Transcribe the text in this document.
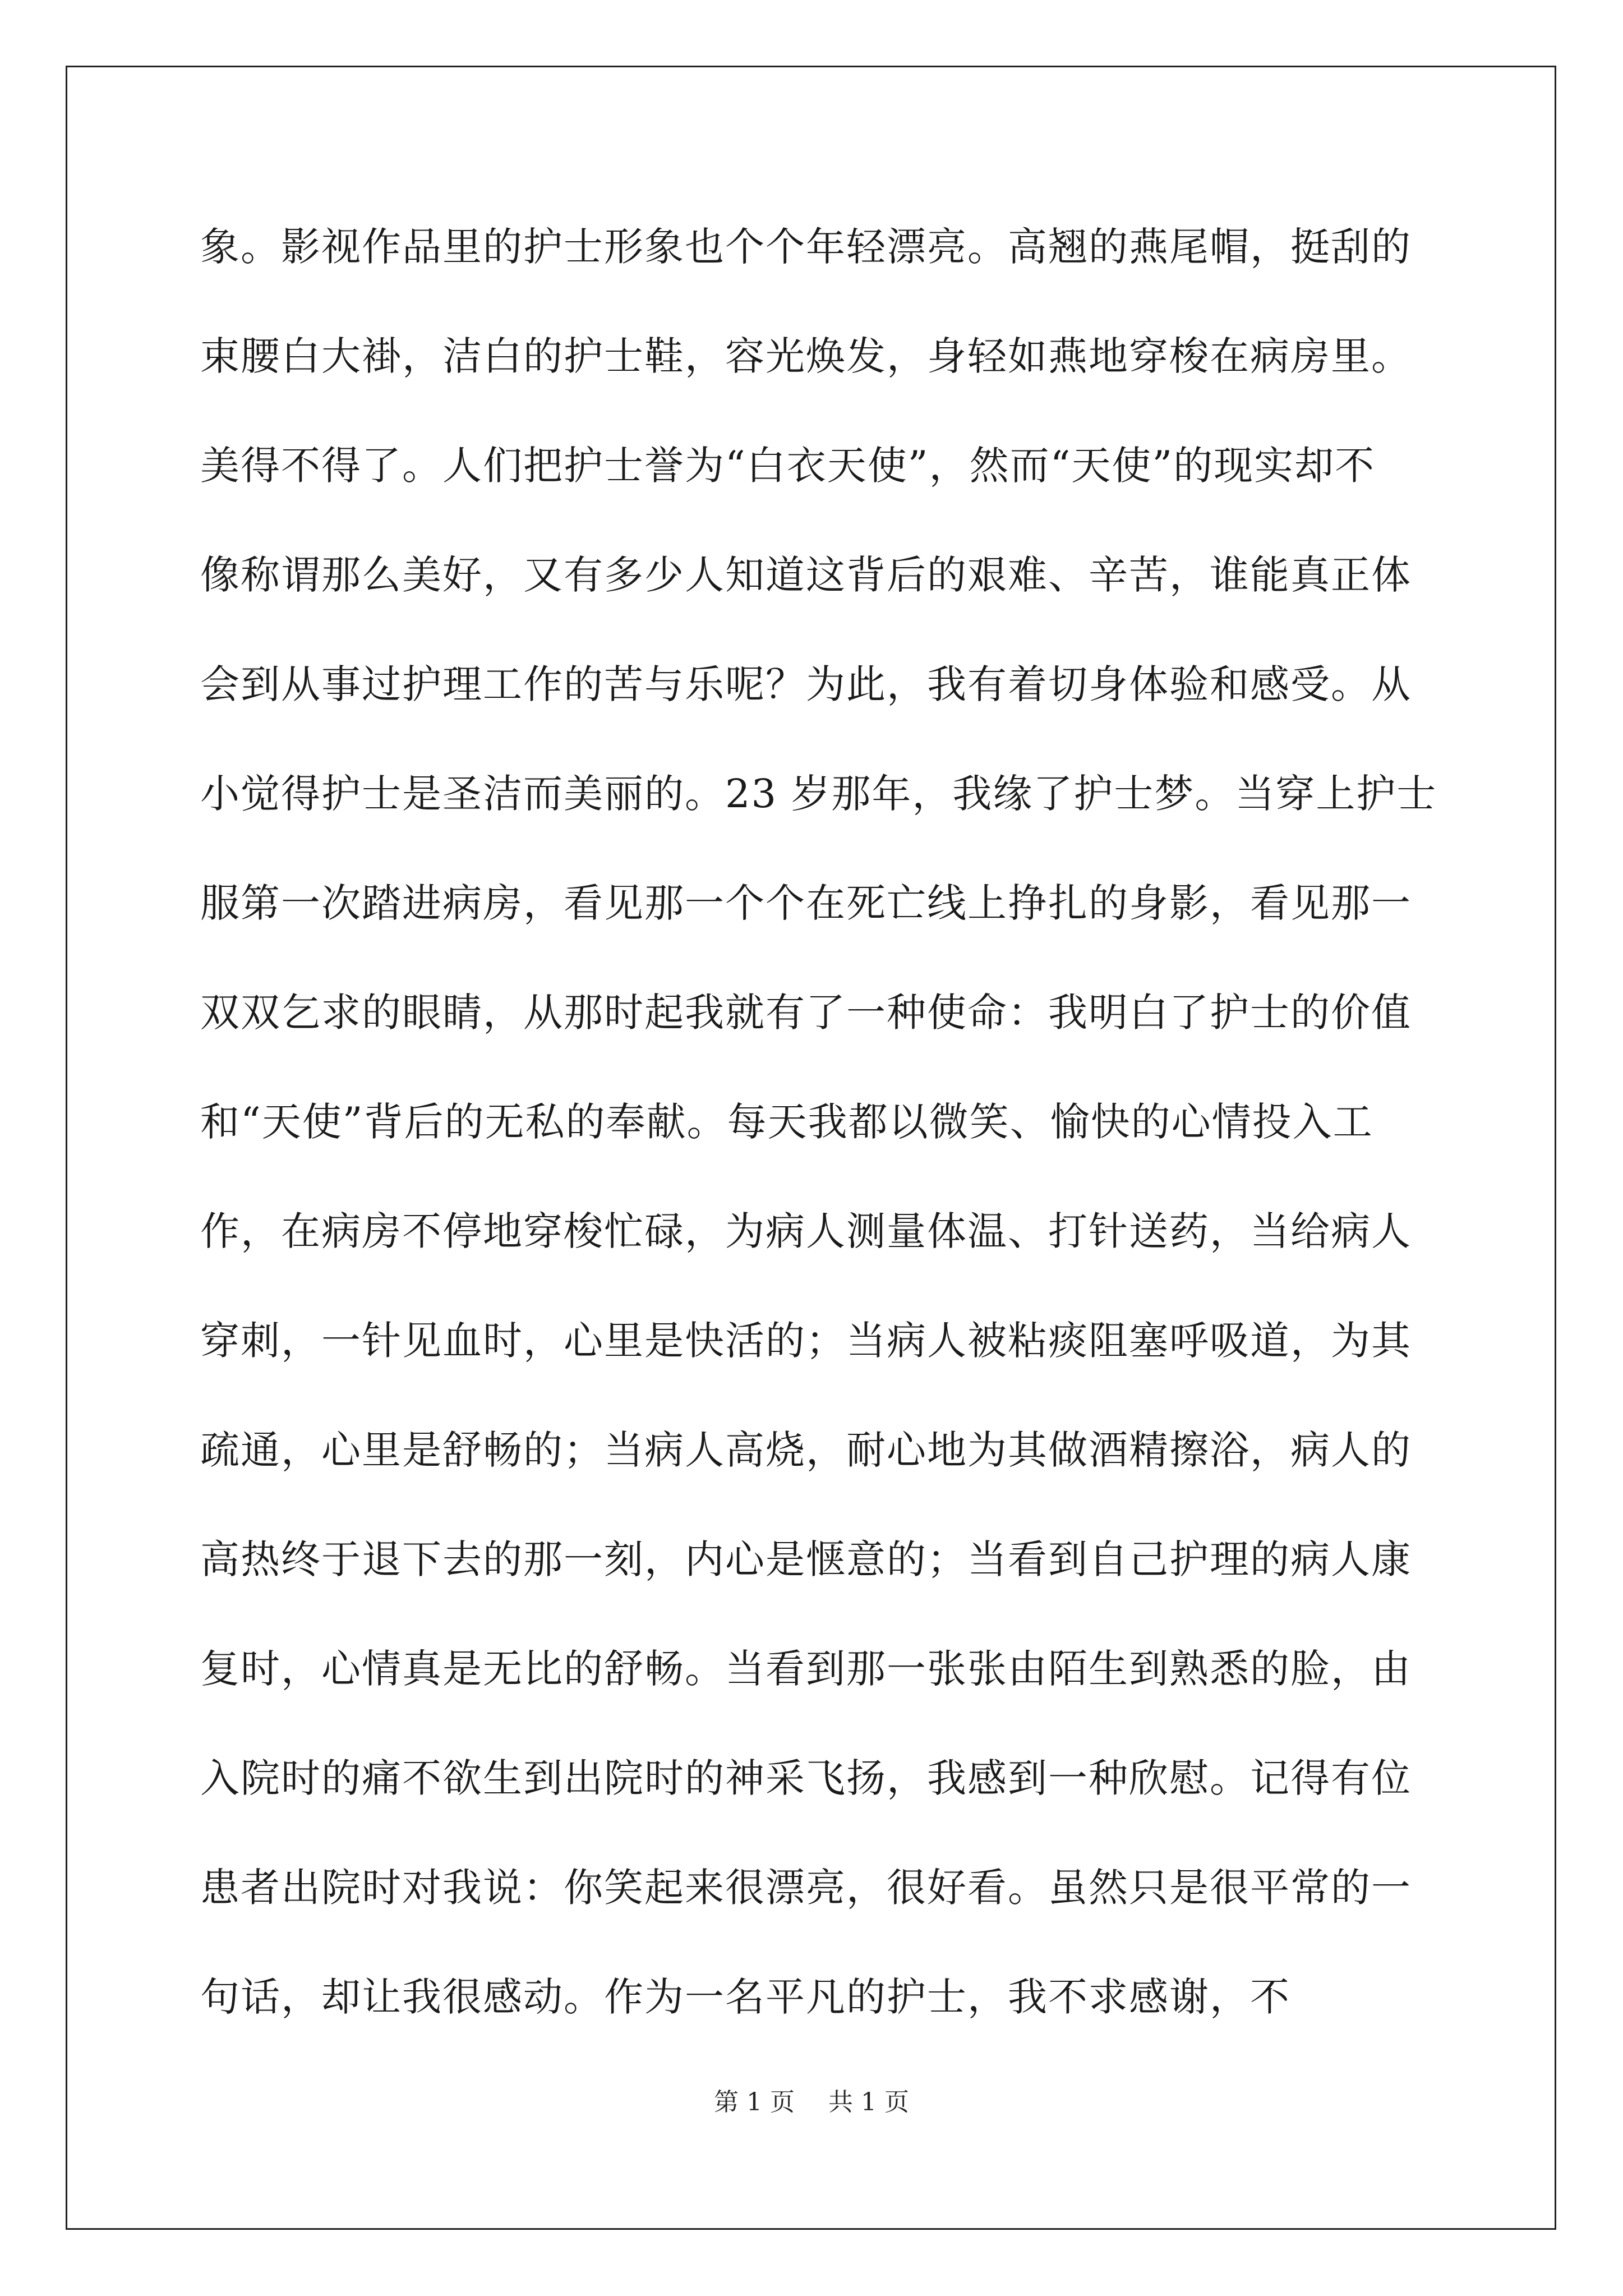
象。影视作品里的护士形象也个个年轻漂亮。高翘的燕尾帽，挺刮的
束腰白大褂，洁白的护士鞋，容光焕发，身轻如燕地穿梭在病房里。
美得不得了。人们把护士誉为“白衣天使”，然而“天使”的现实却不
像称谓那么美好，又有多少人知道这背后的艰难、辛苦，谁能真正体
会到从事过护理工作的苦与乐呢？为此，我有着切身体验和感受。从
小觉得护士是圣洁而美丽的。23 岁那年，我缘了护士梦。当穿上护士
服第一次踏进病房，看见那一个个在死亡线上挣扎的身影，看见那一
双双乞求的眼睛，从那时起我就有了一种使命：我明白了护士的价值
和“天使”背后的无私的奉献。每天我都以微笑、愉快的心情投入工
作，在病房不停地穿梭忙碌，为病人测量体温、打针送药，当给病人
穿刺，一针见血时，心里是快活的；当病人被粘痰阻塞呼吸道，为其
疏通，心里是舒畅的；当病人高烧，耐心地为其做酒精擦浴，病人的
高热终于退下去的那一刻，内心是惬意的；当看到自己护理的病人康
复时，心情真是无比的舒畅。当看到那一张张由陌生到熟悉的脸，由
入院时的痛不欲生到出院时的神采飞扬，我感到一种欣慰。记得有位
患者出院时对我说：你笑起来很漂亮，很好看。虽然只是很平常的一
句话，却让我很感动。作为一名平凡的护士，我不求感谢，不
第 1 页 共 1 页
